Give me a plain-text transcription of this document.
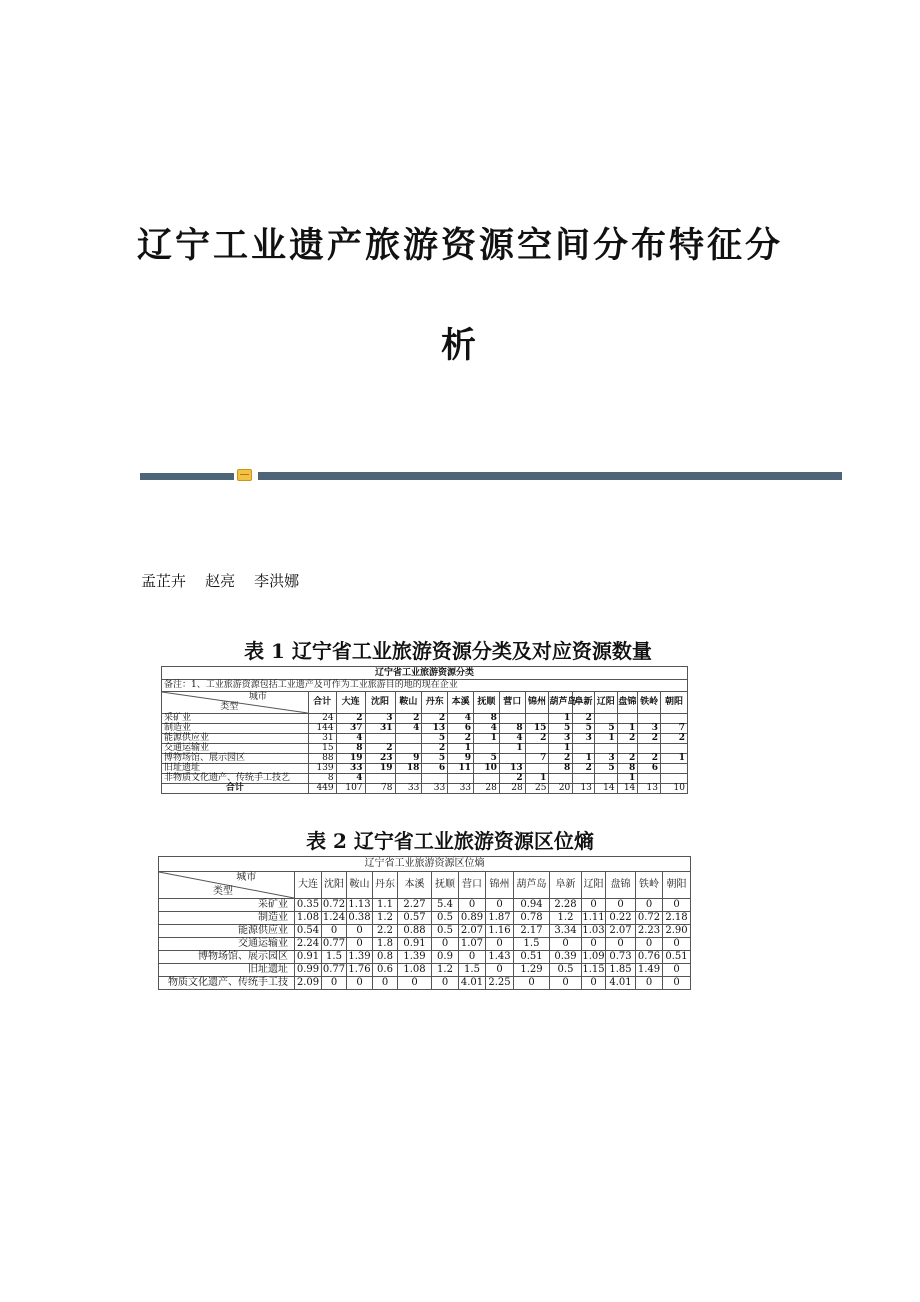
辽宁工业遗产旅游资源空间分布特征分
析
孟芷卉    赵亮    李洪娜
表 1 辽宁省工业旅游资源分类及对应资源数量
辽宁省工业旅游资源分类															
备注：1、工业旅游资源包括工业遗产及可作为工业旅游目的地的现在企业															

城市
类型	合计	大连	沈阳	鞍山	丹东	本溪	抚顺	营口	锦州	葫芦岛	阜新	辽阳	盘锦	铁岭	朝阳
采矿业	24	2	3	2	2	4	8			1	2				
制造业	144	37	31	4	13	6	4	8	15	5	5	5	1	3	7
能源供应业	31	4			5	2	1	4	2	3	3	1	2	2	2
交通运输业	15	8	2		2	1		1		1					
博物场馆、展示园区	88	19	23	9	5	9	5		7	2	1	3	2	2	1
旧址遗址	139	33	19	18	6	11	10	13		8	2	5	8	6	
非物质文化遗产、传统手工技艺	8	4						2	1				1		
合计	449	107	78	33	33	33	28	28	25	20	13	14	14	13	10
表 2 辽宁省工业旅游资源区位熵
辽宁省工业旅游资源区位熵														

城市
类型	大连	沈阳	鞍山	丹东	本溪	抚顺	营口	锦州	葫芦岛	阜新	辽阳	盘锦	铁岭	朝阳
采矿业	0.35	0.72	1.13	1.1	2.27	5.4	0	0	0.94	2.28	0	0	0	0
制造业	1.08	1.24	0.38	1.2	0.57	0.5	0.89	1.87	0.78	1.2	1.11	0.22	0.72	2.18
能源供应业	0.54	0	0	2.2	0.88	0.5	2.07	1.16	2.17	3.34	1.03	2.07	2.23	2.90
交通运输业	2.24	0.77	0	1.8	0.91	0	1.07	0	1.5	0	0	0	0	0
博物场馆、展示园区	0.91	1.5	1.39	0.8	1.39	0.9	0	1.43	0.51	0.39	1.09	0.73	0.76	0.51
旧址遗址	0.99	0.77	1.76	0.6	1.08	1.2	1.5	0	1.29	0.5	1.15	1.85	1.49	0
物质文化遗产、传统手工技	2.09	0	0	0	0	0	4.01	2.25	0	0	0	4.01	0	0
